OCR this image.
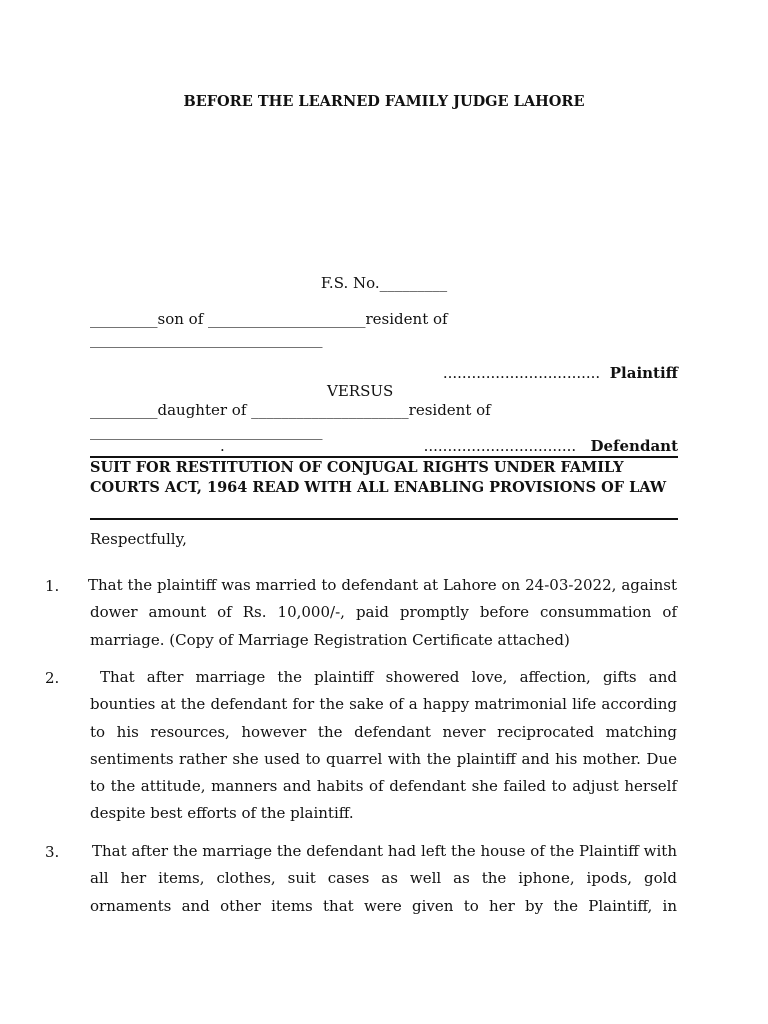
BEFORE THE LEARNED FAMILY JUDGE LAHORE
F.S. No._________
_________son of _____________________resident of
_______________________________
................................. Plaintiff
VERSUS
_________daughter of _____________________resident of
_______________________________

.

	................................ Defendant

SUIT FOR RESTITUTION OF CONJUGAL RIGHTS UNDER FAMILY COURTS ACT, 1964 READ WITH ALL ENABLING PROVISIONS OF LAW
Respectfully,
1. That the plaintiff was married to defendant at Lahore on 24-03-2022, against dower amount of Rs. 10,000/-, paid promptly before consummation of marriage. (Copy of Marriage Registration Certificate attached)
2.	That after marriage the plaintiff showered love, affection, gifts and bounties at the defendant for the sake of a happy matrimonial life according to his resources, however the defendant never reciprocated matching sentiments rather she used to quarrel with the plaintiff and his mother. Due to the attitude, manners and habits of defendant she failed to adjust herself despite best efforts of the plaintiff.
3. That after the marriage the defendant had left the house of the Plaintiff with all her items, clothes, suit cases as well as the iphone, ipods, gold ornaments and other items that were given to her by the Plaintiff, in
